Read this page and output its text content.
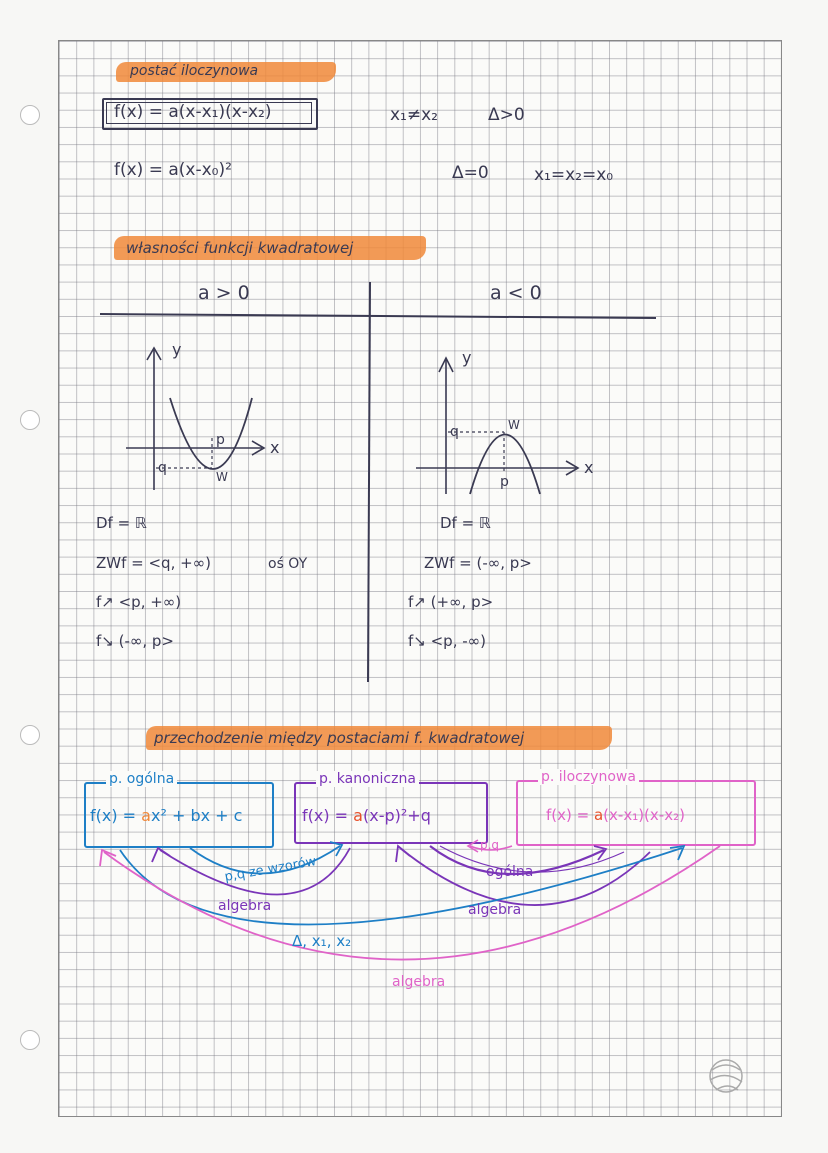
postać iloczynowa
f(x) = a(x-x₁)(x-x₂)	x₁≠x₂	Δ>0
f(x) = a(x-x₀)²	Δ=0	x₁=x₂=x₀
własności funkcji kwadratowej
a > 0	a < 0
y
x
p
q
W
y
x
p
q	W
Df = ℝ
ZWf = <q, +∞)	oś OY
f↗ <p, +∞)
f↘ (-∞, p>
Df = ℝ
ZWf = (-∞, p>
f↗ (+∞, p>
f↘ <p, -∞)
przechodzenie między postaciami f. kwadratowej
p. ogólna
f(x) = ax² + bx + c
p. kanoniczna
f(x) = a(x-p)²+q
p. iloczynowa
f(x) = a(x-x₁)(x-x₂)
p,q ze wzorów
p,q
ogólna
algebra	algebra
Δ, x₁, x₂
algebra
